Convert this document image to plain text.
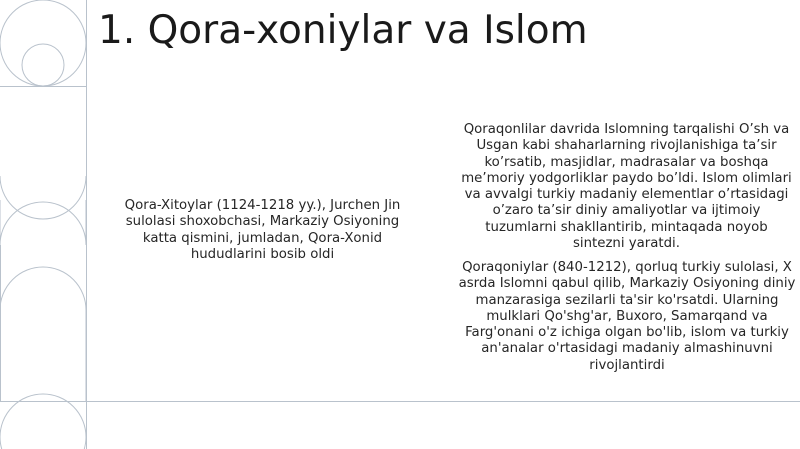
1. Qora-xoniylar va Islom

Qora-Xitoylar (1124-1218 yy.), Jurchen Jin sulolasi shoxobchasi, Markaziy Osiyoning katta qismini, jumladan, Qora-Xonid hududlarini bosib oldi

Qoraqonlilar davrida Islomning tarqalishi O’sh va Usgan kabi shaharlarning rivojlanishiga ta’sir ko’rsatib, masjidlar, madrasalar va boshqa me’moriy yodgorliklar paydo bo’ldi. Islom olimlari va avvalgi turkiy madaniy elementlar o’rtasidagi o’zaro ta’sir diniy amaliyotlar va ijtimoiy tuzumlarni shakllantirib, mintaqada noyob sintezni yaratdi.

Qoraqoniylar (840-1212), qorluq turkiy sulolasi, X asrda Islomni qabul qilib, Markaziy Osiyoning diniy manzarasiga sezilarli ta'sir ko'rsatdi. Ularning mulklari Qo'shg'ar, Buxoro, Samarqand va Farg'onani o'z ichiga olgan bo'lib, islom va turkiy an'analar o'rtasidagi madaniy almashinuvni rivojlantirdi
